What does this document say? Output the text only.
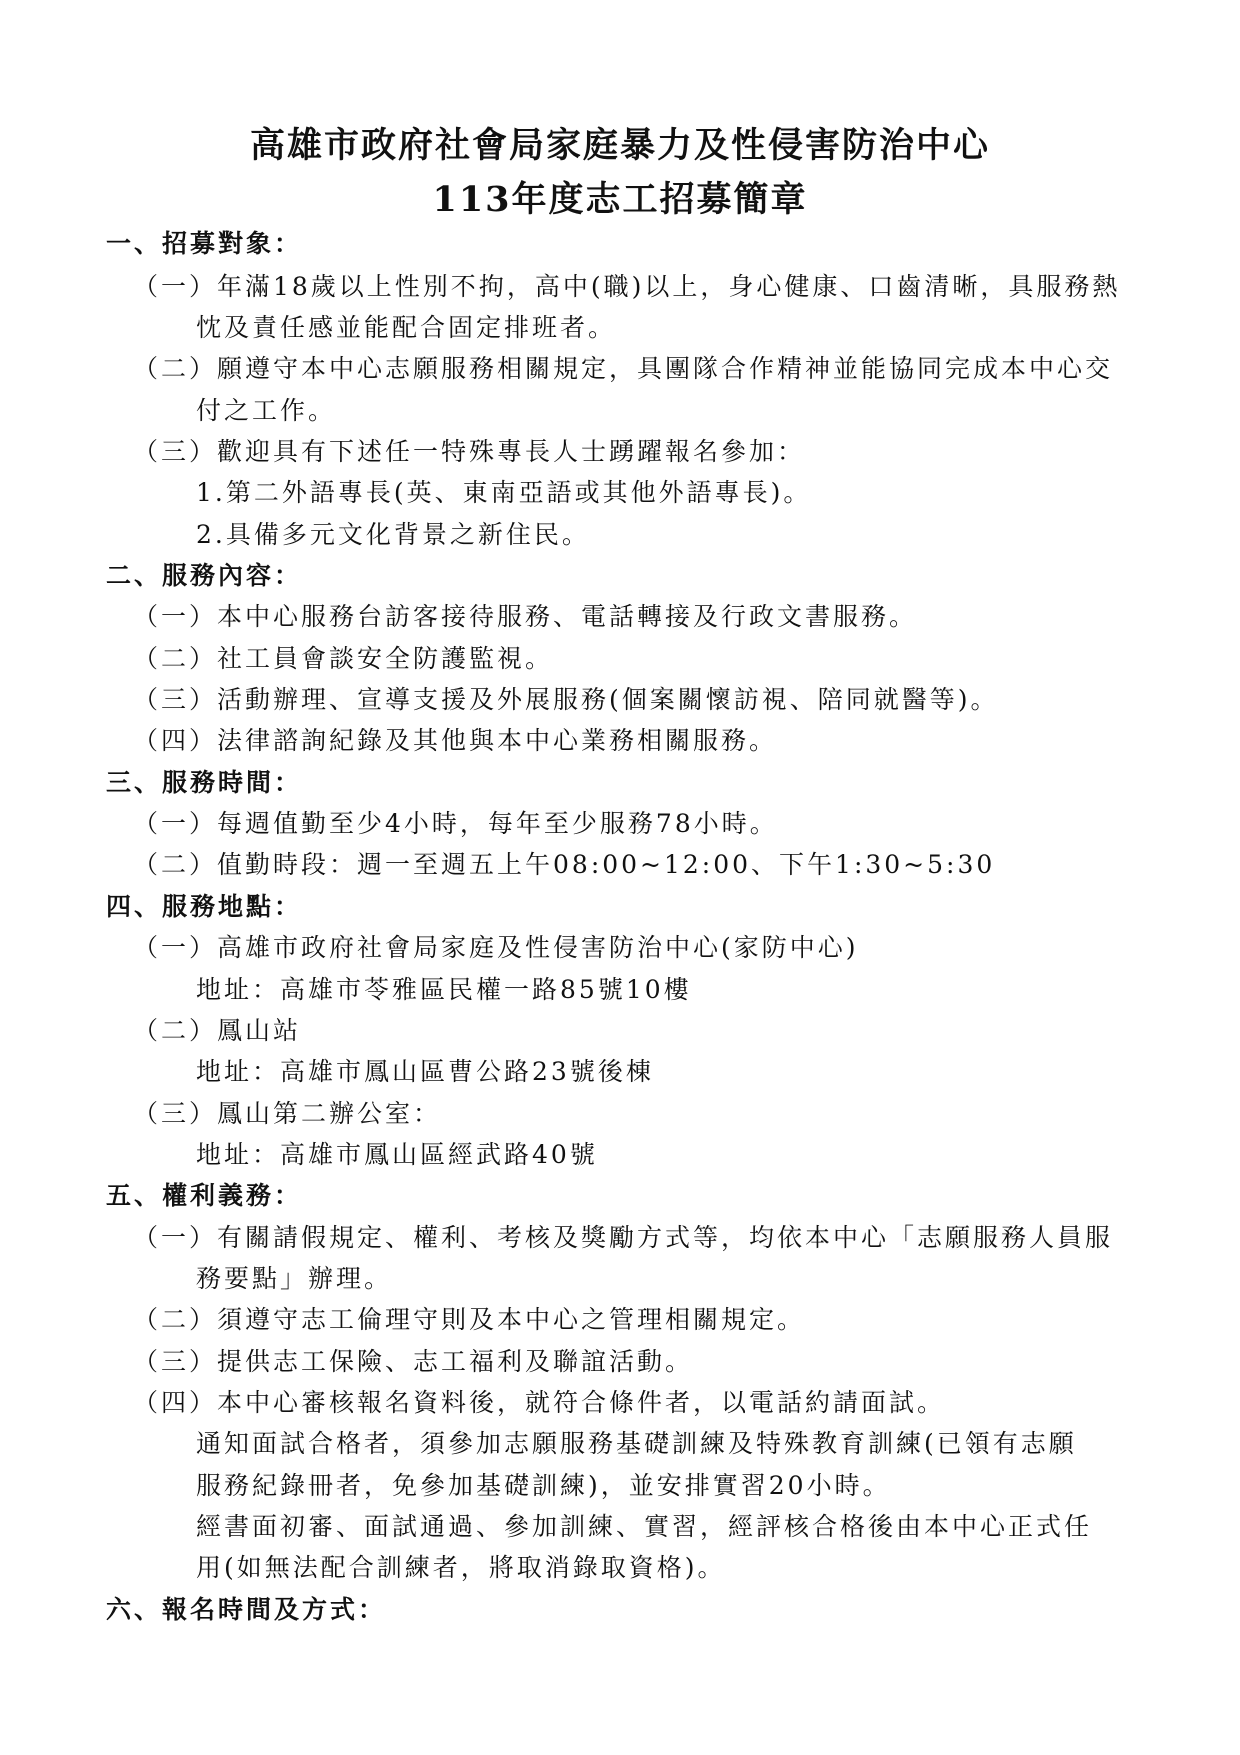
高雄市政府社會局家庭暴力及性侵害防治中心
113年度志工招募簡章
一、招募對象：
（一）年滿18歲以上性別不拘，高中(職)以上，身心健康、口齒清晰，具服務熱
忱及責任感並能配合固定排班者。
（二）願遵守本中心志願服務相關規定，具團隊合作精神並能協同完成本中心交
付之工作。
（三）歡迎具有下述任一特殊專長人士踴躍報名參加：
1.第二外語專長(英、東南亞語或其他外語專長)。
2.具備多元文化背景之新住民。
二、服務內容：
（一）本中心服務台訪客接待服務、電話轉接及行政文書服務。
（二）社工員會談安全防護監視。
（三）活動辦理、宣導支援及外展服務(個案關懷訪視、陪同就醫等)。
（四）法律諮詢紀錄及其他與本中心業務相關服務。
三、服務時間：
（一）每週值勤至少4小時，每年至少服務78小時。
（二）值勤時段：週一至週五上午08:00~12:00、下午1:30~5:30
四、服務地點：
（一）高雄市政府社會局家庭及性侵害防治中心(家防中心)
地址：高雄市苓雅區民權一路85號10樓
（二）鳳山站
地址：高雄市鳳山區曹公路23號後棟
（三）鳳山第二辦公室：
地址：高雄市鳳山區經武路40號
五、權利義務：
（一）有關請假規定、權利、考核及獎勵方式等，均依本中心「志願服務人員服
務要點」辦理。
（二）須遵守志工倫理守則及本中心之管理相關規定。
（三）提供志工保險、志工福利及聯誼活動。
（四）本中心審核報名資料後，就符合條件者，以電話約請面試。
通知面試合格者，須參加志願服務基礎訓練及特殊教育訓練(已領有志願
服務紀錄冊者，免參加基礎訓練)，並安排實習20小時。
經書面初審、面試通過、參加訓練、實習，經評核合格後由本中心正式任
用(如無法配合訓練者，將取消錄取資格)。
六、報名時間及方式：
